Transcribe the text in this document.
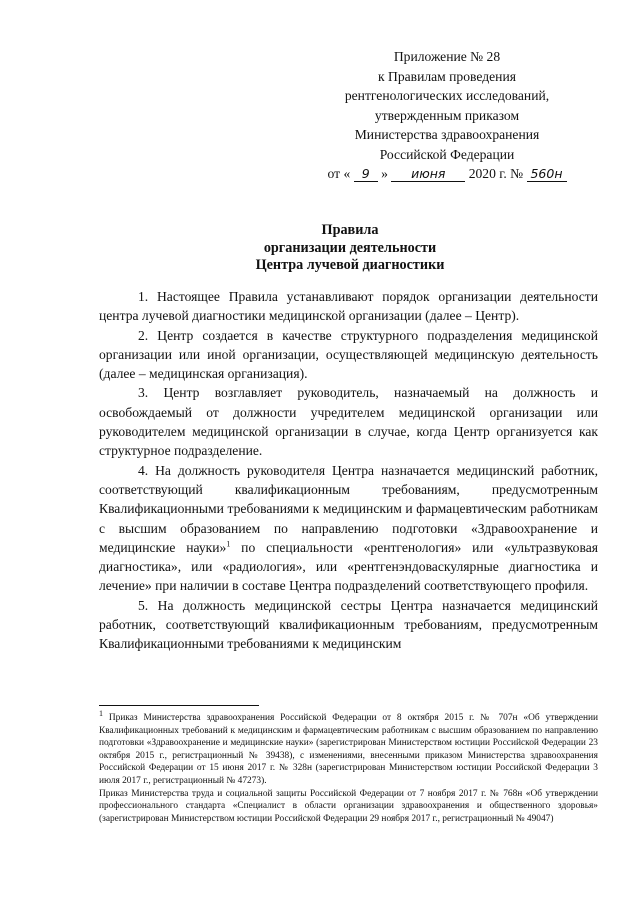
Приложение № 28
к Правилам проведения
рентгенологических исследований,
утвержденным приказом
Министерства здравоохранения
Российской Федерации
от « 9 » июня 2020 г. № 560н
Правила
организации деятельности
Центра лучевой диагностики

1. Настоящее Правила устанавливают порядок организации деятельности центра лучевой диагностики медицинской организации (далее – Центр).

2. Центр создается в качестве структурного подразделения медицинской организации или иной организации, осуществляющей медицинскую деятельность (далее – медицинская организация).

3. Центр возглавляет руководитель, назначаемый на должность и освобождаемый от должности учредителем медицинской организации или руководителем медицинской организации в случае, когда Центр организуется как структурное подразделение.

4. На должность руководителя Центра назначается медицинский работник, соответствующий квалификационным требованиям, предусмотренным Квалификационными требованиями к медицинским и фармацевтическим работникам с высшим образованием по направлению подготовки «Здравоохранение и медицинские науки»$^1$ по специальности «рентгенология» или «ультразвуковая диагностика», или «радиология», или «рентгенэндоваскулярные диагностика и лечение» при наличии в составе Центра подразделений соответствующего профиля.

5. На должность медицинской сестры Центра назначается медицинский работник, соответствующий квалификационным требованиям, предусмотренным Квалификационными требованиями к медицинским

$^1$ Приказ Министерства здравоохранения Российской Федерации от 8 октября 2015 г. № 707н «Об утверждении Квалификационных требований к медицинским и фармацевтическим работникам с высшим образованием по направлению подготовки «Здравоохранение и медицинские науки» (зарегистрирован Министерством юстиции Российской Федерации 23 октября 2015 г., регистрационный № 39438), с изменениями, внесенными приказом Министерства здравоохранения Российской Федерации от 15 июня 2017 г. № 328н (зарегистрирован Министерством юстиции Российской Федерации 3 июля 2017 г., регистрационный № 47273).

Приказ Министерства труда и социальной защиты Российской Федерации от 7 ноября 2017 г. № 768н «Об утверждении профессионального стандарта «Специалист в области организации здравоохранения и общественного здоровья» (зарегистрирован Министерством юстиции Российской Федерации 29 ноября 2017 г., регистрационный № 49047)
